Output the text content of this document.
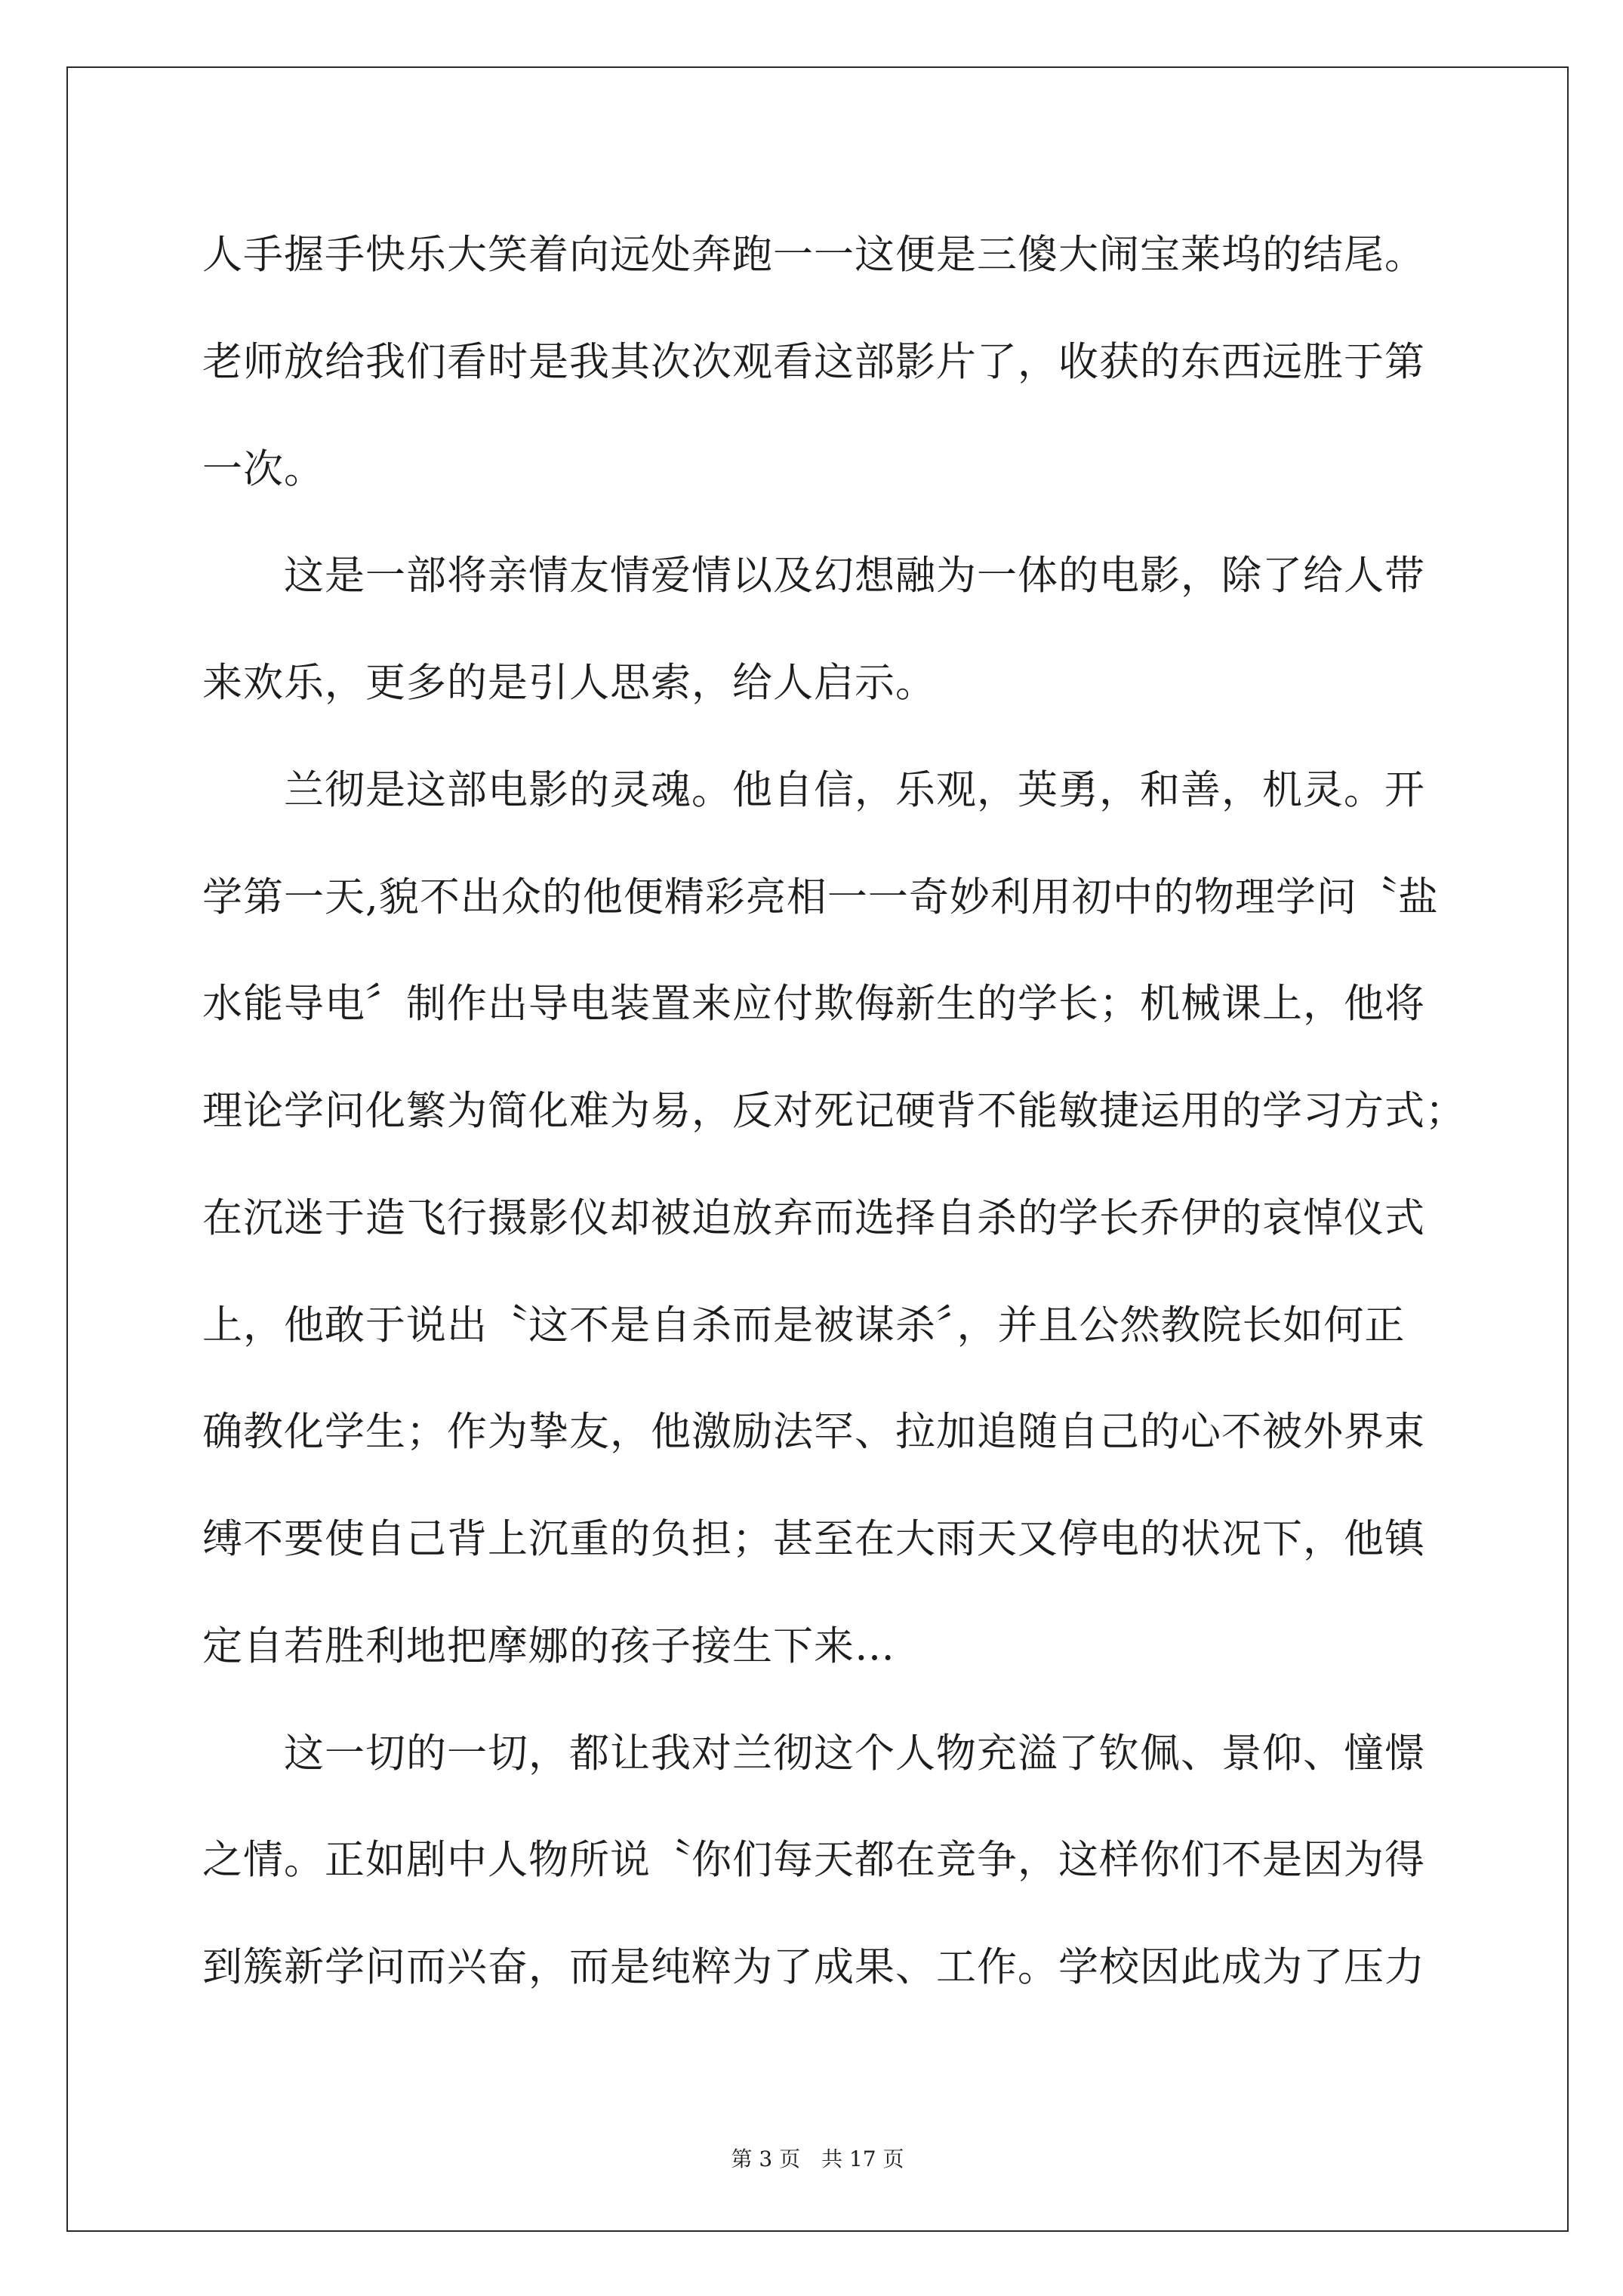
人手握手快乐大笑着向远处奔跑一一这便是三傻大闹宝莱坞的结尾。
老师放给我们看时是我其次次观看这部影片了，收获的东西远胜于第
一次。
这是一部将亲情友情爱情以及幻想融为一体的电影，除了给人带
来欢乐，更多的是引人思索，给人启示。
兰彻是这部电影的灵魂。他自信，乐观，英勇，和善，机灵。开
学第一天,貌不出众的他便精彩亮相一一奇妙利用初中的物理学问〝盐
水能导电〞制作出导电装置来应付欺侮新生的学长；机械课上，他将
理论学问化繁为简化难为易，反对死记硬背不能敏捷运用的学习方式；
在沉迷于造飞行摄影仪却被迫放弃而选择自杀的学长乔伊的哀悼仪式
上，他敢于说出〝这不是自杀而是被谋杀〞，并且公然教院长如何正
确教化学生；作为挚友，他激励法罕、拉加追随自己的心不被外界束
缚不要使自己背上沉重的负担；甚至在大雨天又停电的状况下，他镇
定自若胜利地把摩娜的孩子接生下来…
这一切的一切，都让我对兰彻这个人物充溢了钦佩、景仰、憧憬
之情。正如剧中人物所说〝你们每天都在竞争，这样你们不是因为得
到簇新学问而兴奋，而是纯粹为了成果、工作。学校因此成为了压力
第 3 页　共 17 页
